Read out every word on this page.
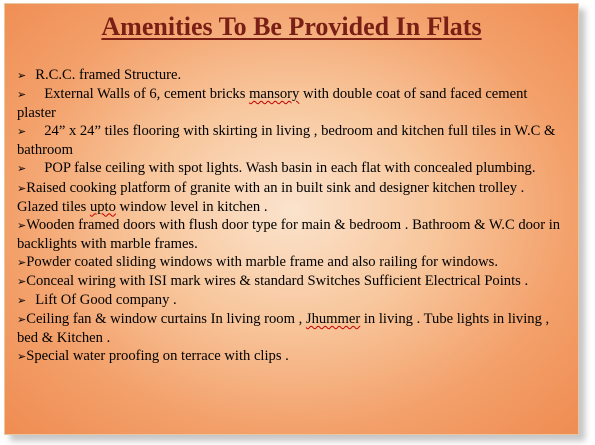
Amenities To Be Provided In Flats
➢ R.C.C. framed Structure.
➢ External Walls of 6, cement bricks mansory with double coat of sand faced cement plaster
➢ 24” x 24” tiles flooring with skirting in living , bedroom and kitchen full tiles in W.C & bathroom
➢ POP false ceiling with spot lights. Wash basin in each flat with concealed plumbing.
➢Raised cooking platform of granite with an in built sink and designer kitchen trolley . Glazed tiles upto window level in kitchen .
➢Wooden framed doors with flush door type for main & bedroom . Bathroom & W.C door in backlights with marble frames.
➢Powder coated sliding windows with marble frame and also railing for windows.
➢Conceal wiring with ISI mark wires & standard Switches Sufficient Electrical Points .
➢ Lift Of Good company .
➢Ceiling fan & window curtains In living room , Jhummer in living . Tube lights in living , bed & Kitchen .
➢Special water proofing on terrace with clips .
